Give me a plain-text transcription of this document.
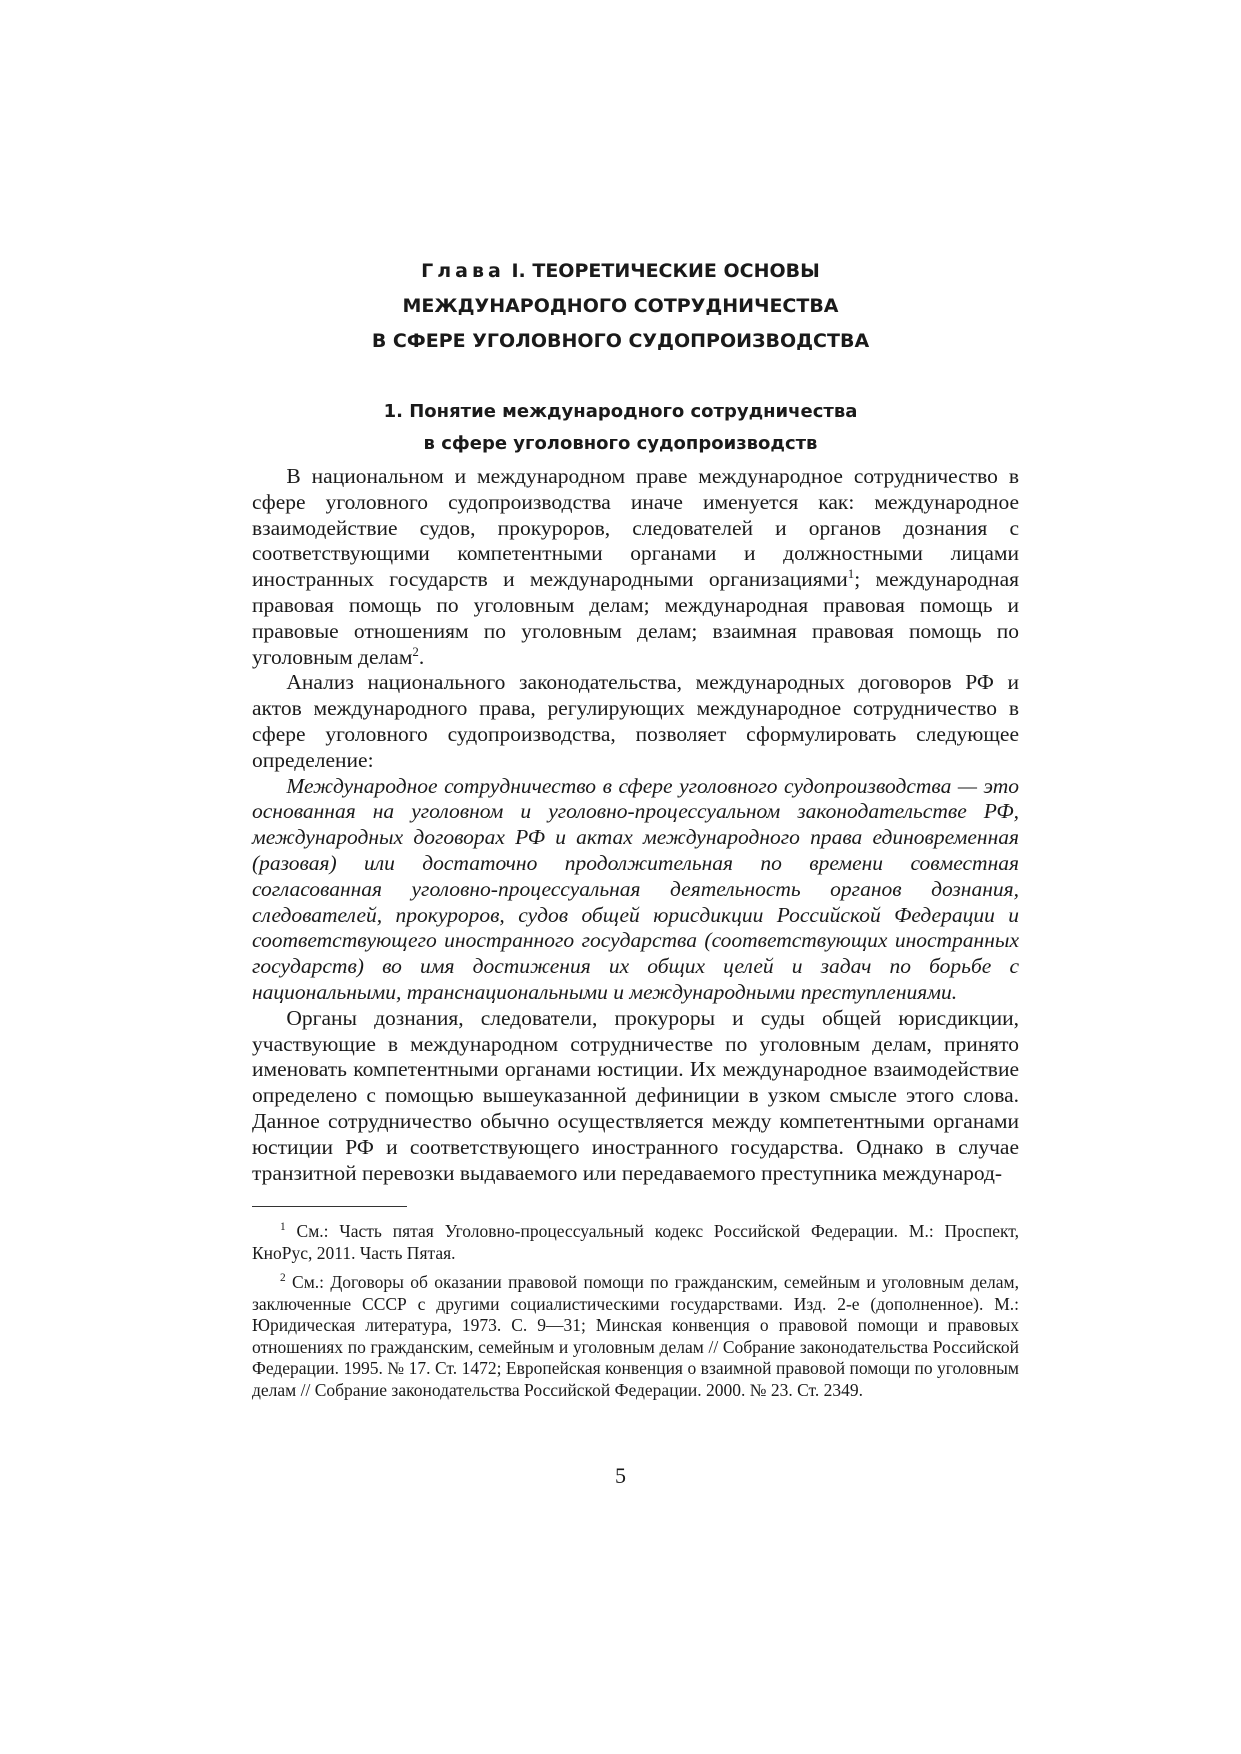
Глава I. ТЕОРЕТИЧЕСКИЕ ОСНОВЫ
МЕЖДУНАРОДНОГО СОТРУДНИЧЕСТВА
В СФЕРЕ УГОЛОВНОГО СУДОПРОИЗВОДСТВА
1. Понятие международного сотрудничества
в сфере уголовного судопроизводств

В национальном и международном праве международное сотрудничество в сфере уголовного судопроизводства иначе именуется как: международное взаимодействие судов, прокуроров, следователей и органов дознания с соответствующими компетентными органами и должностными лицами иностранных государств и международными организациями$^1$; международная правовая помощь по уголовным делам; международная правовая помощь и правовые отношениям по уголовным делам; взаимная правовая помощь по уголовным делам$^2$.

Анализ национального законодательства, международных договоров РФ и актов международного права, регулирующих международное сотрудничество в сфере уголовного судопроизводства, позволяет сформулировать следующее определение:

Международное сотрудничество в сфере уголовного судопроизводства — это основанная на уголовном и уголовно-процессуальном законодательстве РФ, международных договорах РФ и актах международного права единовременная (разовая) или достаточно продолжительная по времени совместная согласованная уголовно-процессуальная деятельность органов дознания, следователей, прокуроров, судов общей юрисдикции Российской Федерации и соответствующего иностранного государства (соответствующих иностранных государств) во имя достижения их общих целей и задач по борьбе с национальными, транснациональными и международными преступлениями.

Органы дознания, следователи, прокуроры и суды общей юрисдикции, участвующие в международном сотрудничестве по уголовным делам, принято именовать компетентными органами юстиции. Их международное взаимодействие определено с помощью вышеуказанной дефиниции в узком смысле этого слова. Данное сотрудничество обычно осуществляется между компетентными органами юстиции РФ и соответствующего иностранного государства. Однако в случае транзитной перевозки выдаваемого или передаваемого преступника международ-

$^1$ См.: Часть пятая Уголовно-процессуальный кодекс Российской Федерации. М.: Проспект, КноРус, 2011. Часть Пятая.

$^2$ См.: Договоры об оказании правовой помощи по гражданским, семейным и уголовным делам, заключенные СССР с другими социалистическими государствами. Изд. 2-е (дополненное). М.: Юридическая литература, 1973. С. 9—31; Минская конвенция о правовой помощи и правовых отношениях по гражданским, семейным и уголовным делам // Собрание законодательства Российской Федерации. 1995. № 17. Ст. 1472; Европейская конвенция о взаимной правовой помощи по уголовным делам // Собрание законодательства Российской Федерации. 2000. № 23. Ст. 2349.

5
